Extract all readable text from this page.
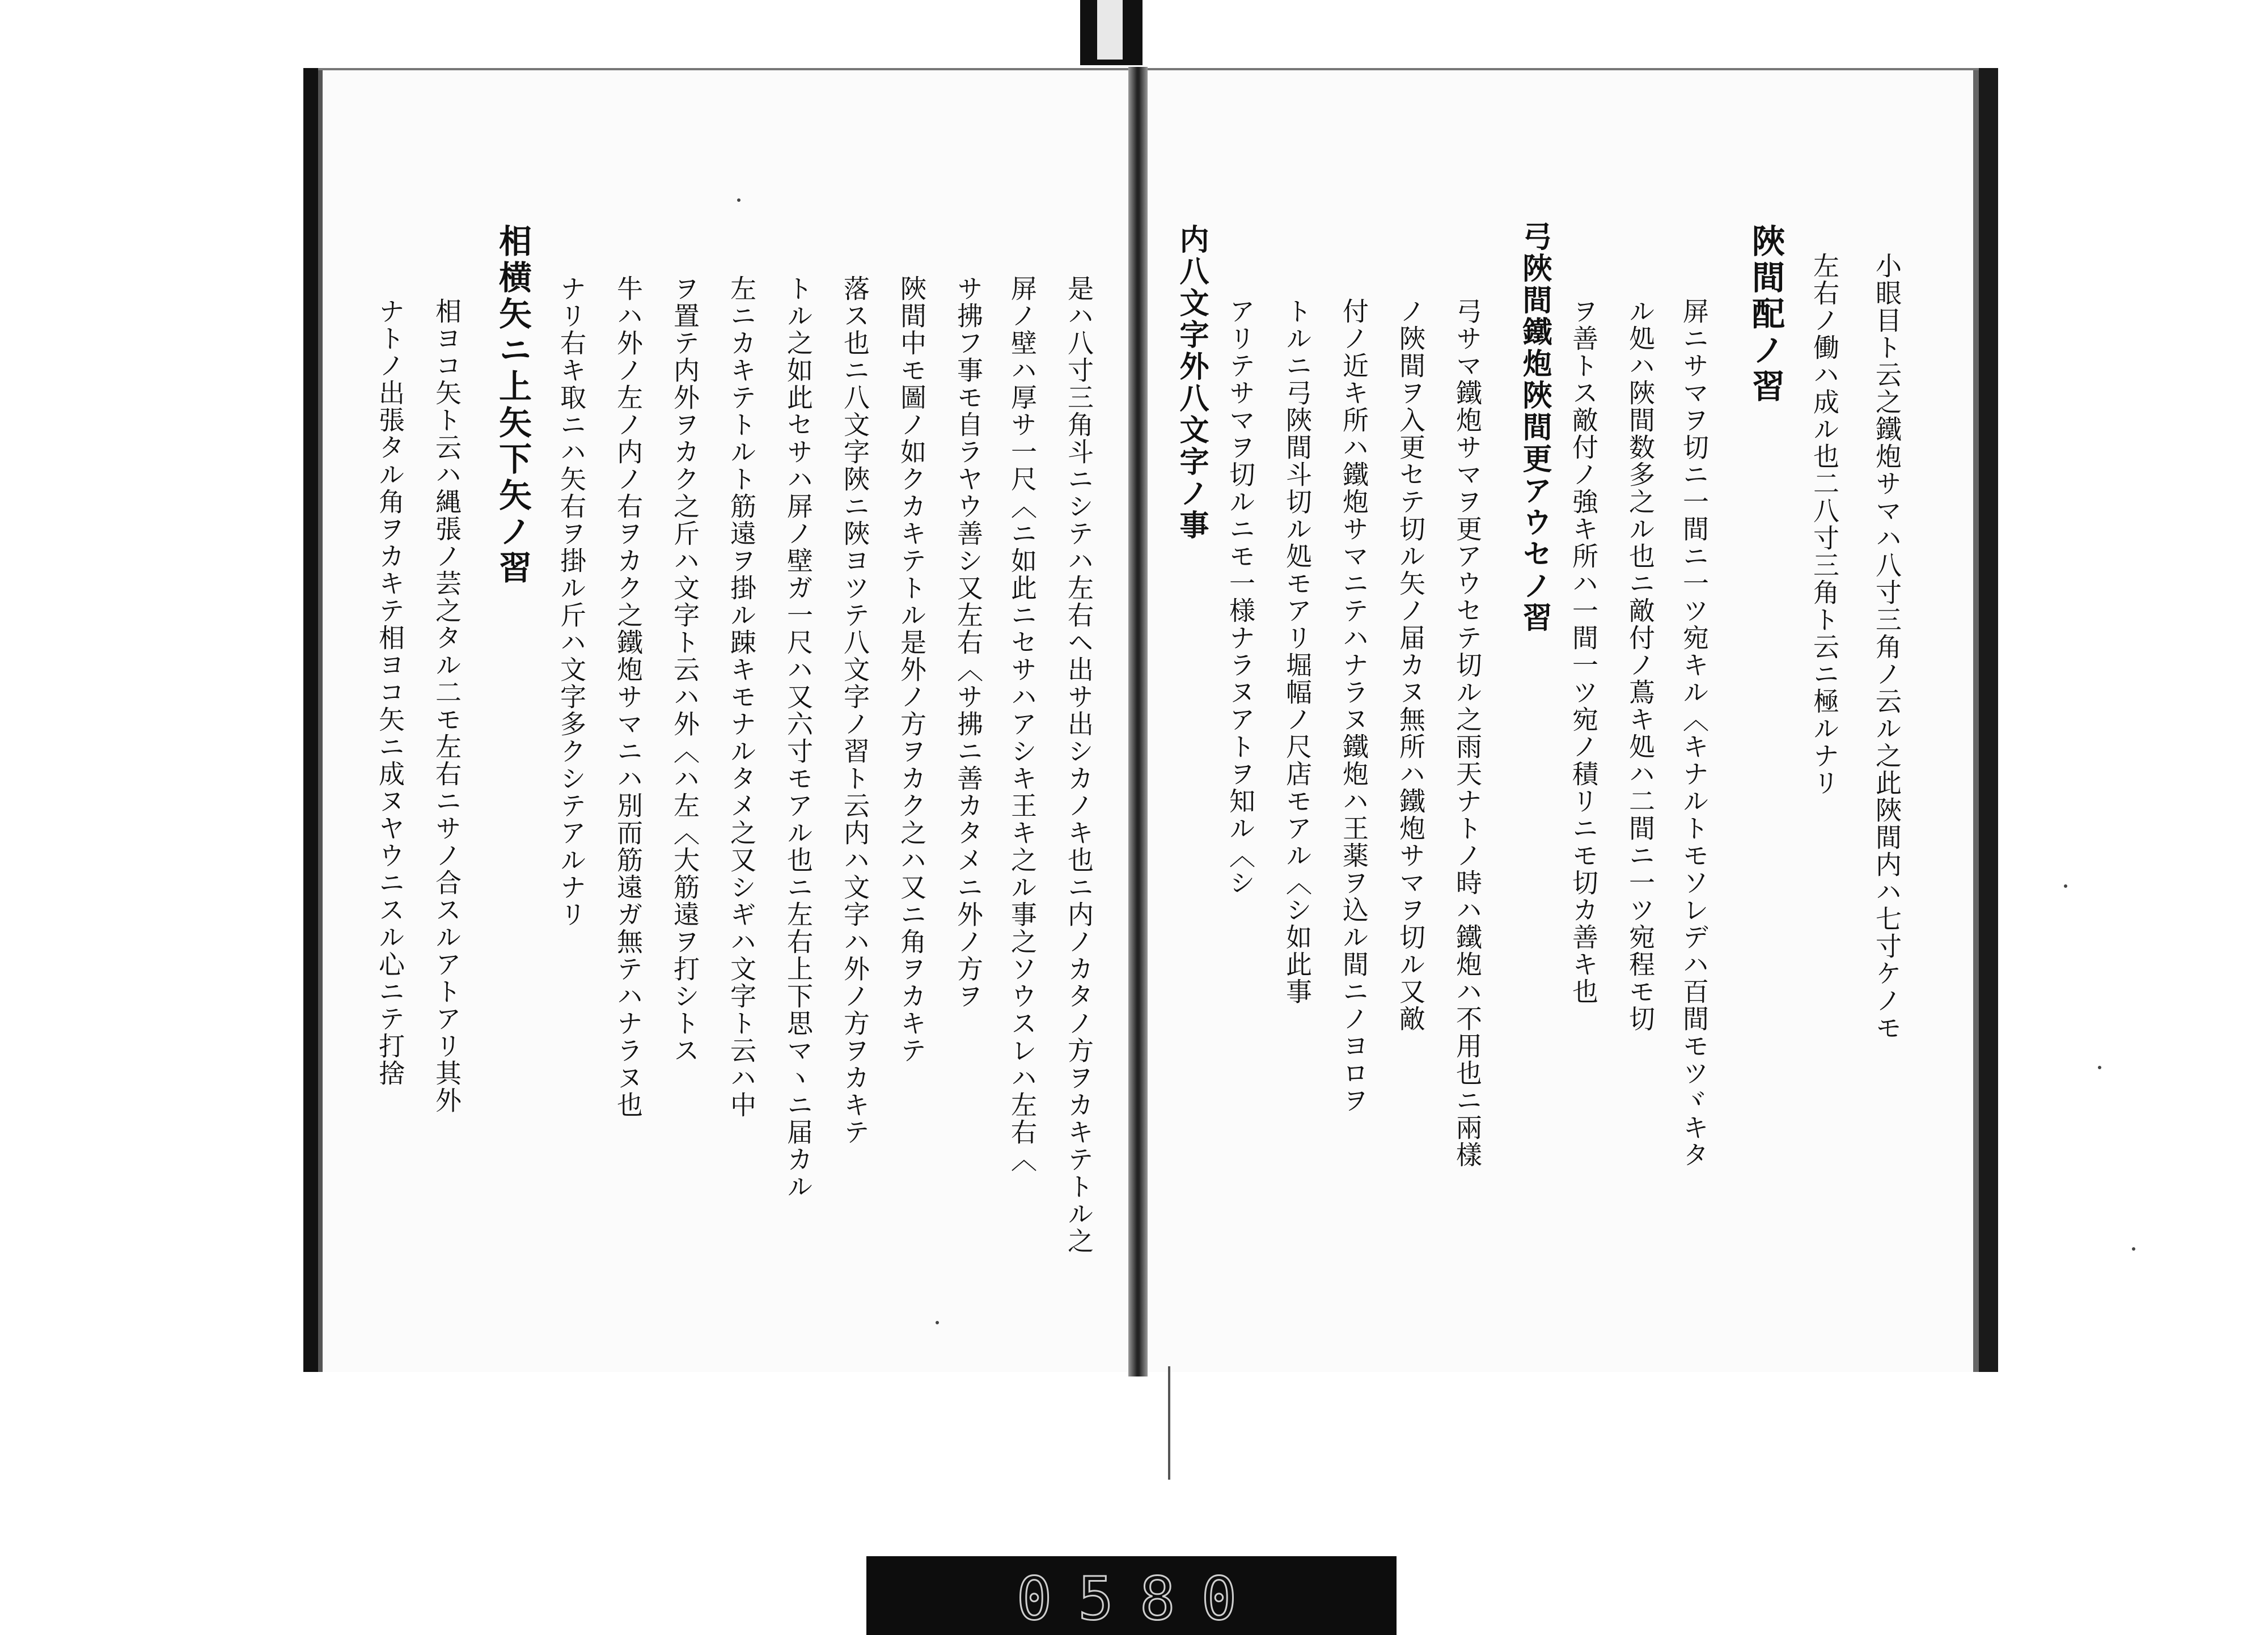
小眼目ト云之鐵炮サマハ八寸三角ノ云ル之此陜間内ハ七寸ケノモ
左右ノ働ハ成ル也二八寸三角ト云ニ極ルナリ
陜間配ノ習
屏ニサマヲ切ニ一間ニ一ツ宛キル〈キナルトモソレデハ百間モツヾキタ
ル処ハ陜間数多之ル也ニ敵付ノ蔦キ処ハ二間ニ一ツ宛程モ切
ヲ善トス敵付ノ強キ所ハ一間一ツ宛ノ積リニモ切カ善キ也
弓陜間鐵炮陜間更アウセノ習
弓サマ鐵炮サマヲ更アウセテ切ル之雨天ナトノ時ハ鐵炮ハ不用也ニ兩樣
ノ陜間ヲ入更セテ切ル矢ノ届カヌ無所ハ鐵炮サマヲ切ル又敵
付ノ近キ所ハ鐵炮サマニテハナラヌ鐵炮ハ王薬ヲ込ル間ニノヨロヲ
トルニ弓陜間斗切ル処モアリ堀幅ノ尺店モアル〈シ如此事
アリテサマヲ切ルニモ一様ナラヌアトヲ知ル〈シ
内八文字外八文字ノ事
是ハ八寸三角斗ニシテハ左右ヘ出サ出シカノキ也ニ内ノカタノ方ヲカキテトル之
屏ノ壁ハ厚サ一尺〈ニ如此ニセサハアシキ王キ之ル事之ソウスレハ左右〈
サ拂フ事モ自ラヤウ善シ又左右〈サ拂ニ善カタメニ外ノ方ヲ
陜間中モ圖ノ如クカキテトル是外ノ方ヲカク之ハ又ニ角ヲカキテ
落ス也ニ八文字陜ニ陜ヨツテ八文字ノ習ト云内ハ文字ハ外ノ方ヲカキテ
トル之如此セサハ屏ノ壁ガ一尺ハ又六寸モアル也ニ左右上下思マヽニ届カル
左ニカキテトルト筋遠ヲ掛ル踈キモナルタメ之又シギハ文字ト云ハ中
ヲ置テ内外ヲカク之斤ハ文字ト云ハ外〈ハ左〈大筋遠ヲ打シトス
牛ハ外ノ左ノ内ノ右ヲカク之鐵炮サマニハ別而筋遠ガ無テハナラヌ也
ナリ右キ取ニハ矢右ヲ掛ル斤ハ文字多クシテアルナリ
相横矢ニ上矢下矢ノ習
相ヨコ矢ト云ハ縄張ノ芸之タル二モ左右ニサノ合スルアトアリ其外
ナトノ出張タル角ヲカキテ相ヨコ矢ニ成ヌヤウニスル心ニテ打捨
0580
